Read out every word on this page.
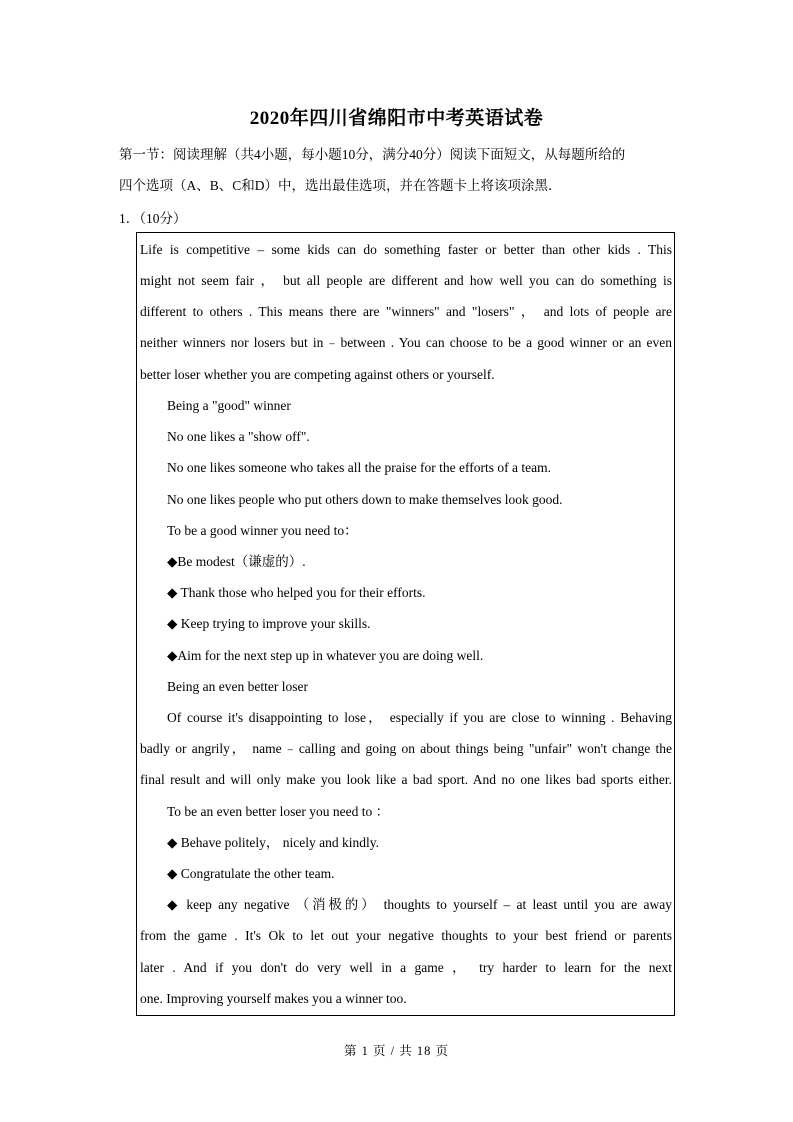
2020年四川省绵阳市中考英语试卷
第一节：阅读理解（共4小题，每小题10分，满分40分）阅读下面短文，从每题所给的
四个选项（A、B、C和D）中，选出最佳选项，并在答题卡上将该项涂黑．
1．（10分）
Life is competitive – some kids can do something faster or better than other kids . This
might not seem fair ， but all people are different and how well you can do something is
different to others . This means there are "winners" and "losers" ， and lots of people are
neither winners nor losers but in﹣between . You can choose to be a good winner or an even
better loser whether you are competing against others or yourself.
Being a "good" winner
No one likes a "show off".
No one likes someone who takes all the praise for the efforts of a team.
No one likes people who put others down to make themselves look good.
To be a good winner you need to：
◆Be modest（谦虚的）.
◆ Thank those who helped you for their efforts.
◆ Keep trying to improve your skills.
◆Aim for the next step up in whatever you are doing well.
Being an even better loser
Of course it's disappointing to lose， especially if you are close to winning . Behaving
badly or angrily， name﹣calling and going on about things being "unfair" won't change the
final result and will only make you look like a bad sport. And no one likes bad sports either.
To be an even better loser you need to ：
◆ Behave politely， nicely and kindly.
◆ Congratulate the other team.
◆ keep any negative （消极的） thoughts to yourself – at least until you are away
from the game . It's Ok to let out your negative thoughts to your best friend or parents
later . And if you don't do very well in a game ， try harder to learn for the next
one. Improving yourself makes you a winner too.
第 1 页 / 共 18 页
